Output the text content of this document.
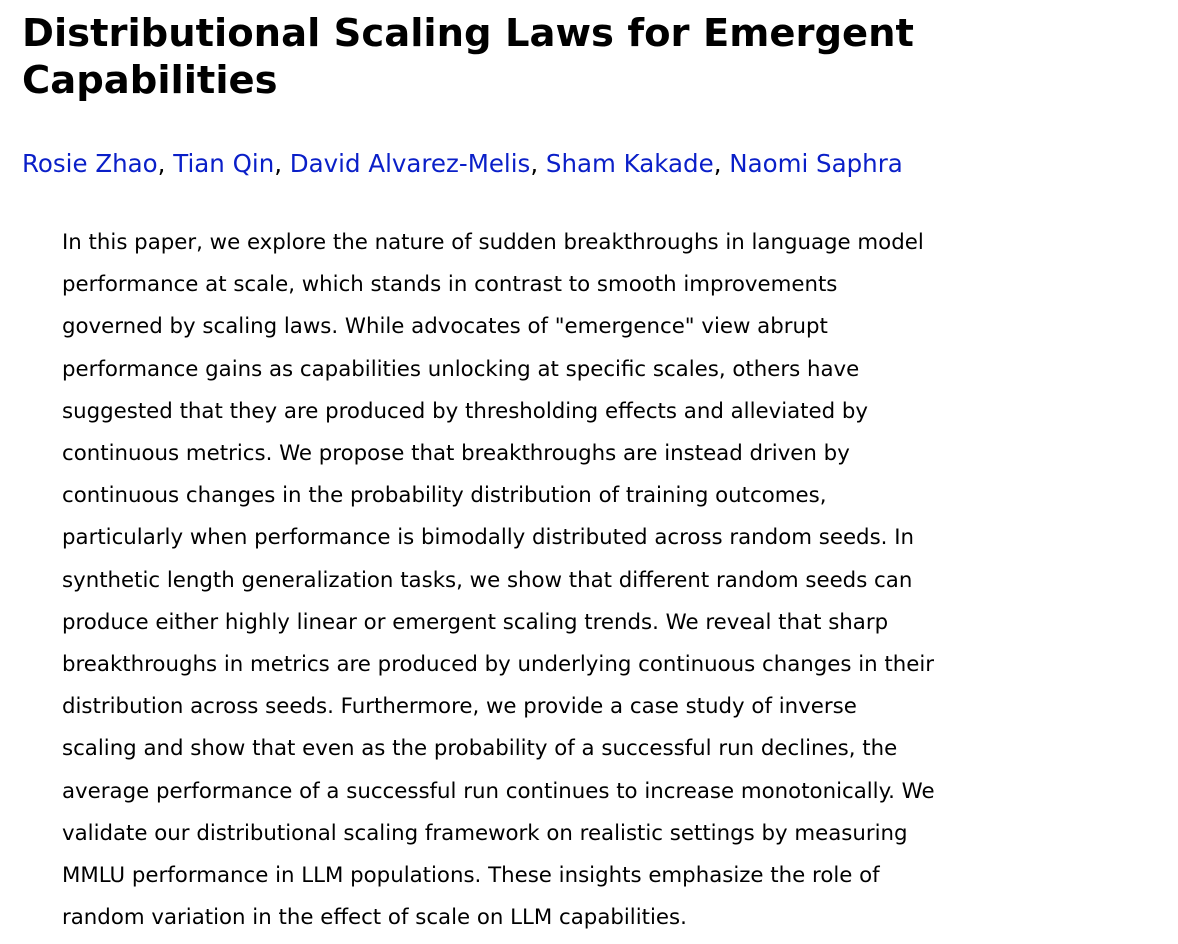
Distributional Scaling Laws for Emergent
Capabilities

Rosie Zhao, Tian Qin, David Alvarez-Melis, Sham Kakade, Naomi Saphra

In this paper, we explore the nature of sudden breakthroughs in language model
performance at scale, which stands in contrast to smooth improvements
governed by scaling laws. While advocates of "emergence" view abrupt
performance gains as capabilities unlocking at specific scales, others have
suggested that they are produced by thresholding effects and alleviated by
continuous metrics. We propose that breakthroughs are instead driven by
continuous changes in the probability distribution of training outcomes,
particularly when performance is bimodally distributed across random seeds. In
synthetic length generalization tasks, we show that different random seeds can
produce either highly linear or emergent scaling trends. We reveal that sharp
breakthroughs in metrics are produced by underlying continuous changes in their
distribution across seeds. Furthermore, we provide a case study of inverse
scaling and show that even as the probability of a successful run declines, the
average performance of a successful run continues to increase monotonically. We
validate our distributional scaling framework on realistic settings by measuring
MMLU performance in LLM populations. These insights emphasize the role of
random variation in the effect of scale on LLM capabilities.
